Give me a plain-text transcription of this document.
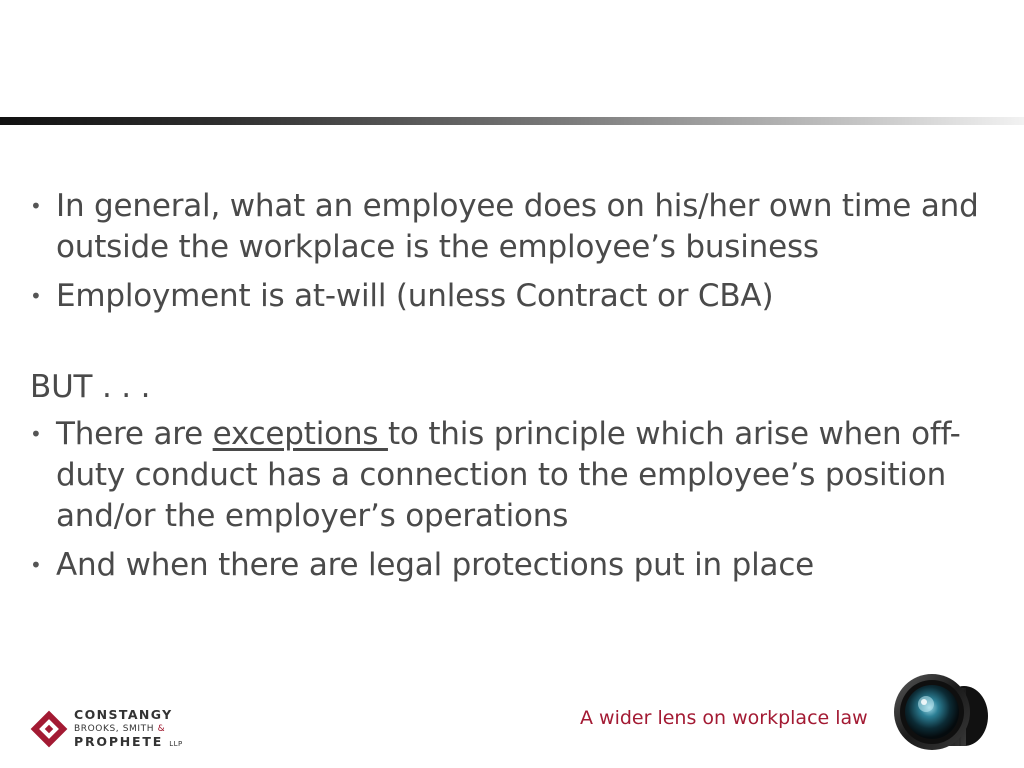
• In general, what an employee does on his/her own time and outside the workplace is the employee’s business
• Employment is at-will (unless Contract or CBA)
BUT . . .
• There are exceptions to this principle which arise when off-duty conduct has a connection to the employee’s position and/or the employer’s operations
• And when there are legal protections put in place
CONSTANGY
BROOKS, SMITH &
PROPHETE LLP
A wider lens on workplace law
